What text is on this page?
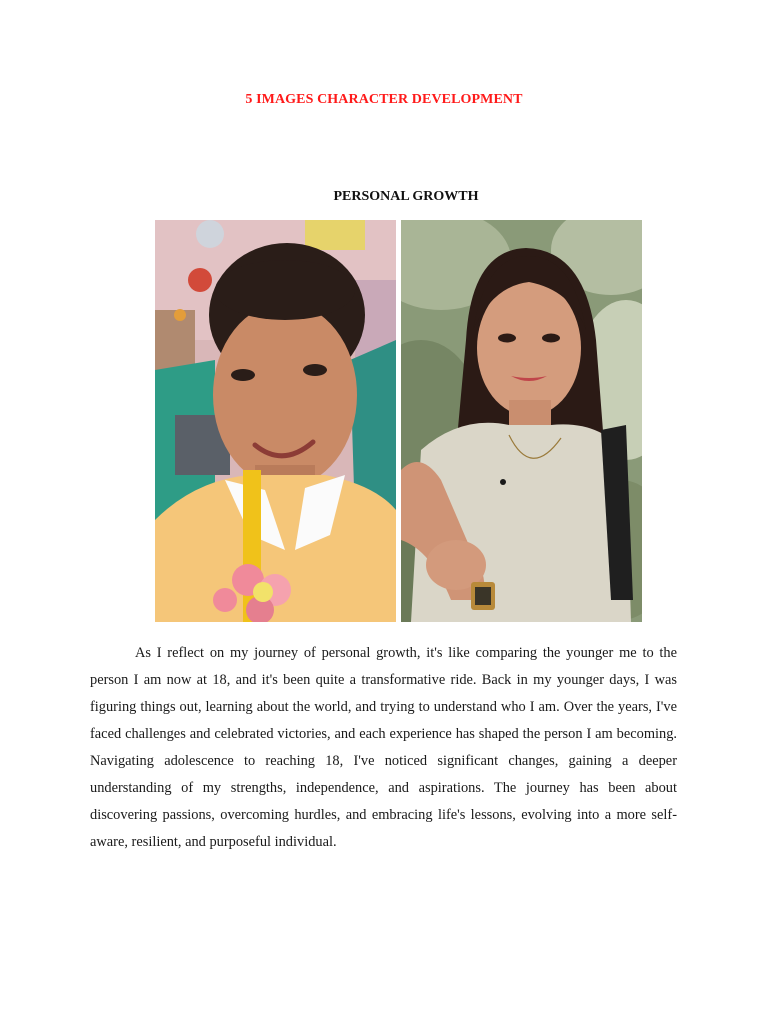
5 IMAGES CHARACTER DEVELOPMENT
PERSONAL GROWTH

As I reflect on my journey of personal growth, it's like comparing the younger me to the person I am now at 18, and it's been quite a transformative ride. Back in my younger days, I was figuring things out, learning about the world, and trying to understand who I am. Over the years, I've faced challenges and celebrated victories, and each experience has shaped the person I am becoming. Navigating adolescence to reaching 18, I've noticed significant changes, gaining a deeper understanding of my strengths, independence, and aspirations. The journey has been about discovering passions, overcoming hurdles, and embracing life's lessons, evolving into a more self-aware, resilient, and purposeful individual.
